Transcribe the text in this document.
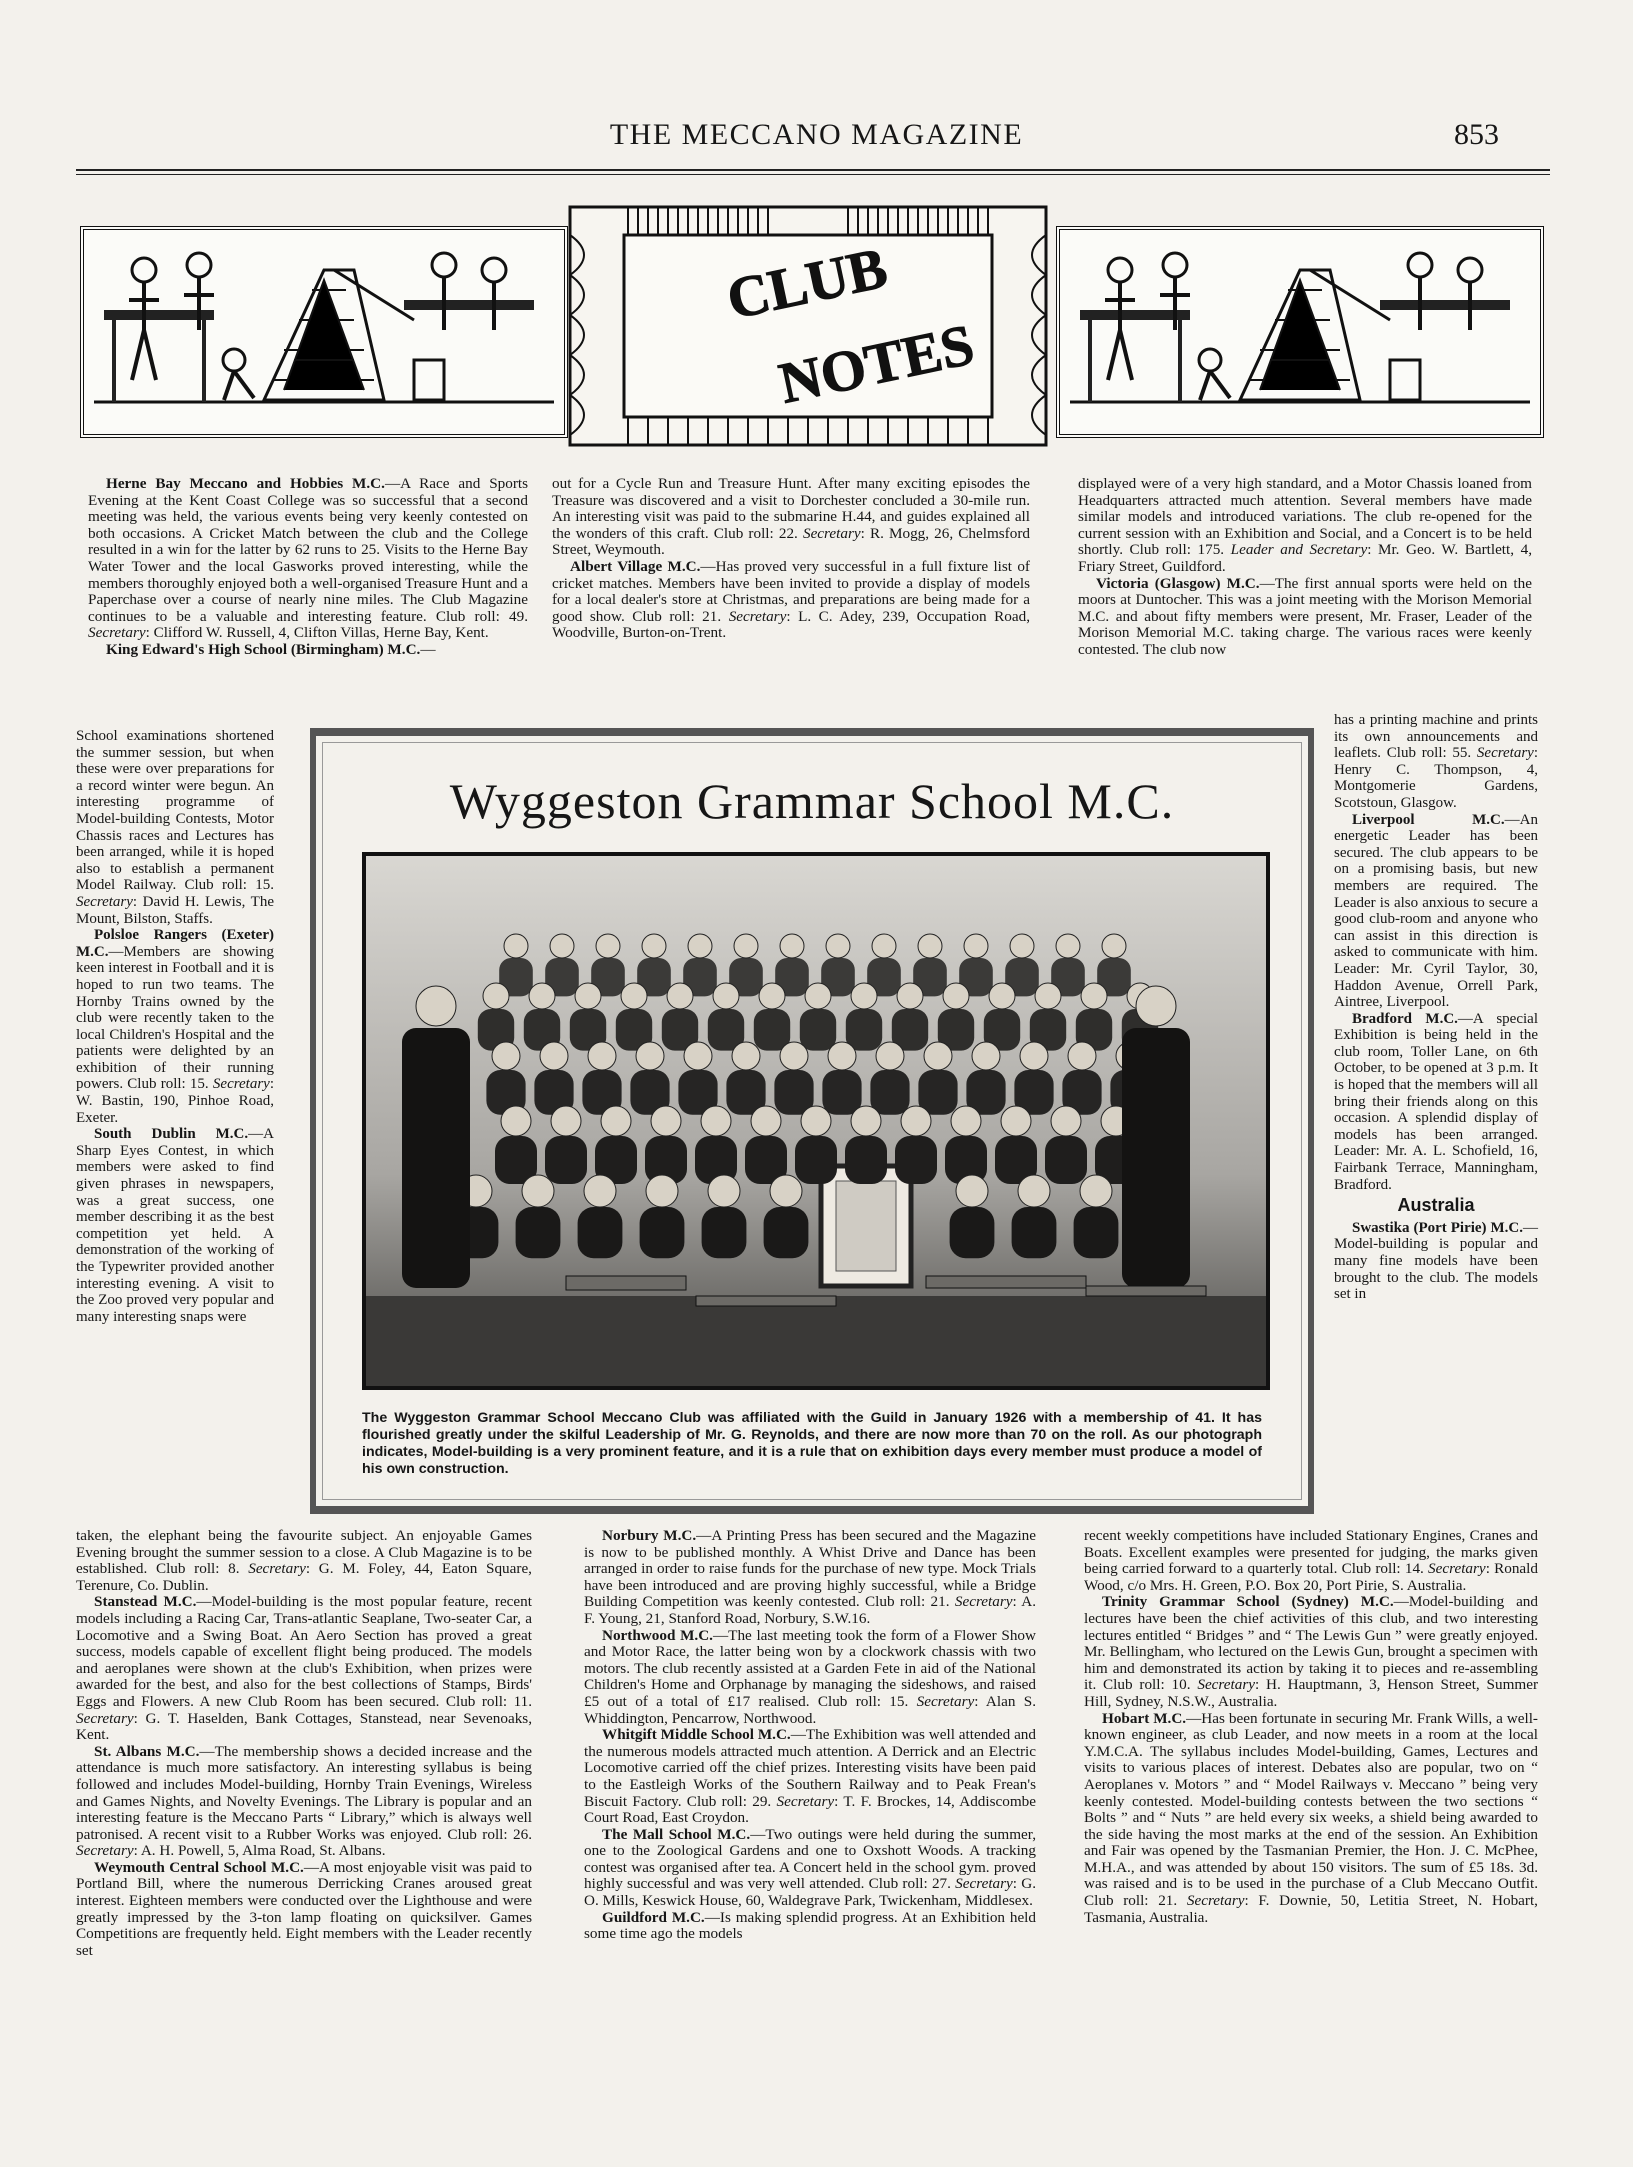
THE MECCANO MAGAZINE	853
CLUB
NOTES

Herne Bay Meccano and Hobbies M.C.—A Race and Sports Evening at the Kent Coast College was so successful that a second meeting was held, the various events being very keenly contested on both occasions. A Cricket Match between the club and the College resulted in a win for the latter by 62 runs to 25. Visits to the Herne Bay Water Tower and the local Gasworks proved interesting, while the members thoroughly enjoyed both a well-organised Treasure Hunt and a Paperchase over a course of nearly nine miles. The Club Magazine continues to be a valuable and interesting feature. Club roll: 49. Secretary: Clifford W. Russell, 4, Clifton Villas, Herne Bay, Kent.

King Edward's High School (Birmingham) M.C.—

School examinations shortened the summer session, but when these were over preparations for a record winter were begun. An interesting programme of Model-building Contests, Motor Chassis races and Lectures has been arranged, while it is hoped also to establish a permanent Model Railway. Club roll: 15. Secretary: David H. Lewis, The Mount, Bilston, Staffs.

Polsloe Rangers (Exeter) M.C.—Members are showing keen interest in Football and it is hoped to run two teams. The Hornby Trains owned by the club were recently taken to the local Children's Hospital and the patients were delighted by an exhibition of their running powers. Club roll: 15. Secretary: W. Bastin, 190, Pinhoe Road, Exeter.

South Dublin M.C.—A Sharp Eyes Contest, in which members were asked to find given phrases in newspapers, was a great success, one member describing it as the best competition yet held. A demonstration of the working of the Typewriter provided another interesting evening. A visit to the Zoo proved very popular and many interesting snaps were

taken, the elephant being the favourite subject. An enjoyable Games Evening brought the summer session to a close. A Club Magazine is to be established. Club roll: 8. Secretary: G. M. Foley, 44, Eaton Square, Terenure, Co. Dublin.

Stanstead M.C.—Model-building is the most popular feature, recent models including a Racing Car, Trans-atlantic Seaplane, Two-seater Car, a Locomotive and a Swing Boat. An Aero Section has proved a great success, models capable of excellent flight being produced. The models and aeroplanes were shown at the club's Exhibition, when prizes were awarded for the best, and also for the best collections of Stamps, Birds' Eggs and Flowers. A new Club Room has been secured. Club roll: 11. Secretary: G. T. Haselden, Bank Cottages, Stanstead, near Sevenoaks, Kent.

St. Albans M.C.—The membership shows a decided increase and the attendance is much more satisfactory. An interesting syllabus is being followed and includes Model-building, Hornby Train Evenings, Wireless and Games Nights, and Novelty Evenings. The Library is popular and an interesting feature is the Meccano Parts “ Library,” which is always well patronised. A recent visit to a Rubber Works was enjoyed. Club roll: 26. Secretary: A. H. Powell, 5, Alma Road, St. Albans.

Weymouth Central School M.C.—A most enjoyable visit was paid to Portland Bill, where the numerous Derricking Cranes aroused great interest. Eighteen members were conducted over the Lighthouse and were greatly impressed by the 3-ton lamp floating on quicksilver. Games Competitions are frequently held. Eight members with the Leader recently set

out for a Cycle Run and Treasure Hunt. After many exciting episodes the Treasure was discovered and a visit to Dorchester concluded a 30-mile run. An interesting visit was paid to the submarine H.44, and guides explained all the wonders of this craft. Club roll: 22. Secretary: R. Mogg, 26, Chelmsford Street, Weymouth.

Albert Village M.C.—Has proved very successful in a full fixture list of cricket matches. Members have been invited to provide a display of models for a local dealer's store at Christmas, and preparations are being made for a good show. Club roll: 21. Secretary: L. C. Adey, 239, Occupation Road, Woodville, Burton-on-Trent.

Norbury M.C.—A Printing Press has been secured and the Magazine is now to be published monthly. A Whist Drive and Dance has been arranged in order to raise funds for the purchase of new type. Mock Trials have been introduced and are proving highly successful, while a Bridge Building Competition was keenly contested. Club roll: 21. Secretary: A. F. Young, 21, Stanford Road, Norbury, S.W.16.

Northwood M.C.—The last meeting took the form of a Flower Show and Motor Race, the latter being won by a clockwork chassis with two motors. The club recently assisted at a Garden Fete in aid of the National Children's Home and Orphanage by managing the sideshows, and raised £5 out of a total of £17 realised. Club roll: 15. Secretary: Alan S. Whiddington, Pencarrow, Northwood.

Whitgift Middle School M.C.—The Exhibition was well attended and the numerous models attracted much attention. A Derrick and an Electric Locomotive carried off the chief prizes. Interesting visits have been paid to the Eastleigh Works of the Southern Railway and to Peak Frean's Biscuit Factory. Club roll: 29. Secretary: T. F. Brockes, 14, Addiscombe Court Road, East Croydon.

The Mall School M.C.—Two outings were held during the summer, one to the Zoological Gardens and one to Oxshott Woods. A tracking contest was organised after tea. A Concert held in the school gym. proved highly successful and was very well attended. Club roll: 27. Secretary: G. O. Mills, Keswick House, 60, Waldegrave Park, Twickenham, Middlesex.

Guildford M.C.—Is making splendid progress. At an Exhibition held some time ago the models

displayed were of a very high standard, and a Motor Chassis loaned from Headquarters attracted much attention. Several members have made similar models and introduced variations. The club re-opened for the current session with an Exhibition and Social, and a Concert is to be held shortly. Club roll: 175. Leader and Secretary: Mr. Geo. W. Bartlett, 4, Friary Street, Guildford.

Victoria (Glasgow) M.C.—The first annual sports were held on the moors at Duntocher. This was a joint meeting with the Morison Memorial M.C. and about fifty members were present, Mr. Fraser, Leader of the Morison Memorial M.C. taking charge. The various races were keenly contested. The club now

has a printing machine and prints its own announcements and leaflets. Club roll: 55. Secretary: Henry C. Thompson, 4, Montgomerie Gardens, Scotstoun, Glasgow.

Liverpool M.C.—An energetic Leader has been secured. The club appears to be on a promising basis, but new members are required. The Leader is also anxious to secure a good club-room and anyone who can assist in this direction is asked to communicate with him. Leader: Mr. Cyril Taylor, 30, Haddon Avenue, Orrell Park, Aintree, Liverpool.

Bradford M.C.—A special Exhibition is being held in the club room, Toller Lane, on 6th October, to be opened at 3 p.m. It is hoped that the members will all bring their friends along on this occasion. A splendid display of models has been arranged. Leader: Mr. A. L. Schofield, 16, Fairbank Terrace, Manningham, Bradford.

Australia

Swastika (Port Pirie) M.C.—Model-building is popular and many fine models have been brought to the club. The models set in

recent weekly competitions have included Stationary Engines, Cranes and Boats. Excellent examples were presented for judging, the marks given being carried forward to a quarterly total. Club roll: 14. Secretary: Ronald Wood, c/o Mrs. H. Green, P.O. Box 20, Port Pirie, S. Australia.

Trinity Grammar School (Sydney) M.C.—Model-building and lectures have been the chief activities of this club, and two interesting lectures entitled “ Bridges ” and “ The Lewis Gun ” were greatly enjoyed. Mr. Bellingham, who lectured on the Lewis Gun, brought a specimen with him and demonstrated its action by taking it to pieces and re-assembling it. Club roll: 10. Secretary: H. Hauptmann, 3, Henson Street, Summer Hill, Sydney, N.S.W., Australia.

Hobart M.C.—Has been fortunate in securing Mr. Frank Wills, a well-known engineer, as club Leader, and now meets in a room at the local Y.M.C.A. The syllabus includes Model-building, Games, Lectures and visits to various places of interest. Debates also are popular, two on “ Aeroplanes v. Motors ” and “ Model Railways v. Meccano ” being very keenly contested. Model-building contests between the two sections “ Bolts ” and “ Nuts ” are held every six weeks, a shield being awarded to the side having the most marks at the end of the session. An Exhibition and Fair was opened by the Tasmanian Premier, the Hon. J. C. McPhee, M.H.A., and was attended by about 150 visitors. The sum of £5 18s. 3d. was raised and is to be used in the purchase of a Club Meccano Outfit. Club roll: 21. Secretary: F. Downie, 50, Letitia Street, N. Hobart, Tasmania, Australia.

Wyggeston Grammar School M.C.
The Wyggeston Grammar School Meccano Club was affiliated with the Guild in January 1926 with a membership of 41. It has flourished greatly under the skilful Leadership of Mr. G. Reynolds, and there are now more than 70 on the roll. As our photograph indicates, Model-building is a very prominent feature, and it is a rule that on exhibition days every member must produce a model of his own construction.
